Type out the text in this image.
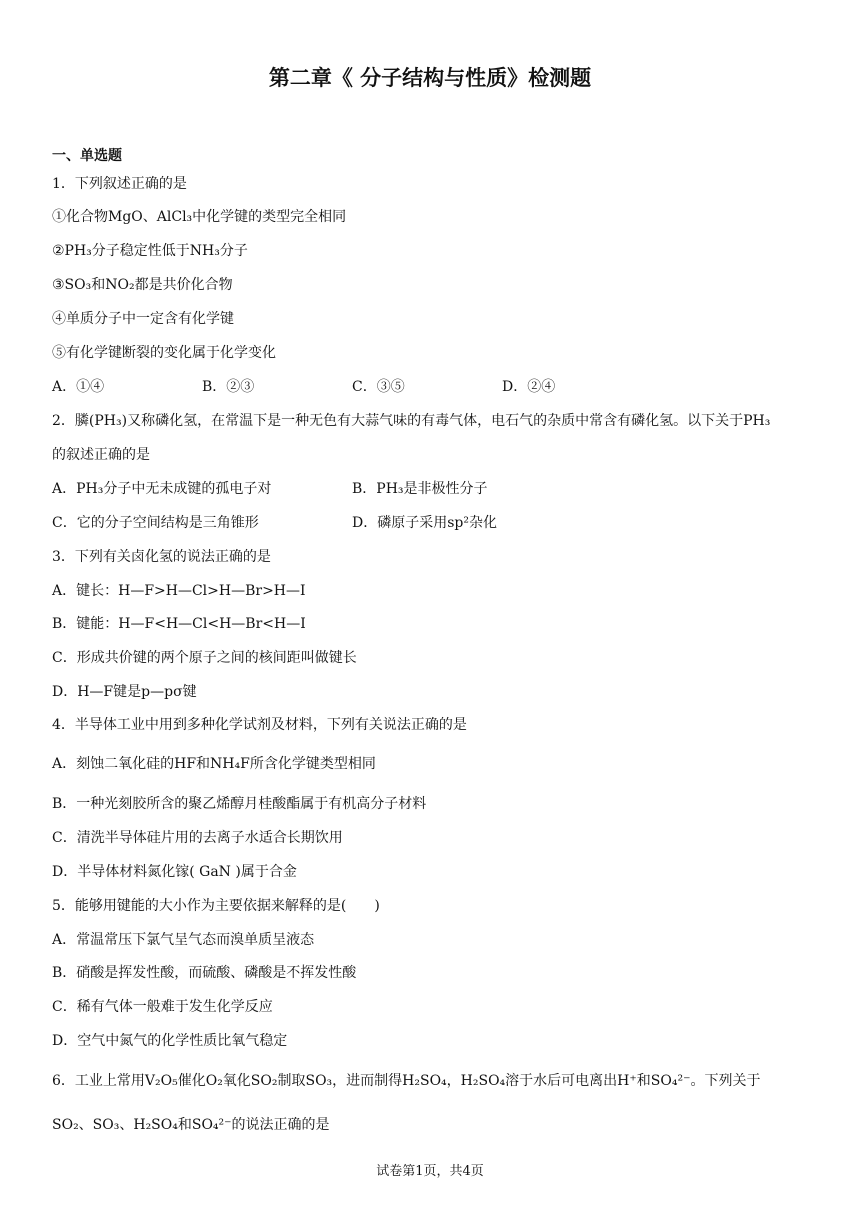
第二章《 分子结构与性质》检测题
一、单选题
1．下列叙述正确的是
①化合物MgO、AlCl₃中化学键的类型完全相同
②PH₃分子稳定性低于NH₃分子
③SO₃和NO₂都是共价化合物
④单质分子中一定含有化学键
⑤有化学键断裂的变化属于化学变化
A．①④	B．②③	C．③⑤	D．②④
2．膦(PH₃)又称磷化氢，在常温下是一种无色有大蒜气味的有毒气体，电石气的杂质中常含有磷化氢。以下关于PH₃
的叙述正确的是
A．PH₃分子中无未成键的孤电子对	B．PH₃是非极性分子
C．它的分子空间结构是三角锥形	D．磷原子采用sp²杂化
3．下列有关卤化氢的说法正确的是
A．键长：H—F>H—Cl>H—Br>H—I
B．键能：H—F<H—Cl<H—Br<H—I
C．形成共价键的两个原子之间的核间距叫做键长
D．H—F键是p—pσ键
4．半导体工业中用到多种化学试剂及材料，下列有关说法正确的是
A．刻蚀二氧化硅的HF和NH₄F所含化学键类型相同
B．一种光刻胶所含的聚乙烯醇月桂酸酯属于有机高分子材料
C．清洗半导体硅片用的去离子水适合长期饮用
D．半导体材料氮化镓( GaN )属于合金
5．能够用键能的大小作为主要依据来解释的是(　　)
A．常温常压下氯气呈气态而溴单质呈液态
B．硝酸是挥发性酸，而硫酸、磷酸是不挥发性酸
C．稀有气体一般难于发生化学反应
D．空气中氮气的化学性质比氧气稳定
6．工业上常用V₂O₅催化O₂氧化SO₂制取SO₃，进而制得H₂SO₄，H₂SO₄溶于水后可电离出H⁺和SO₄²⁻。下列关于
SO₂、SO₃、H₂SO₄和SO₄²⁻的说法正确的是
试卷第1页，共4页
